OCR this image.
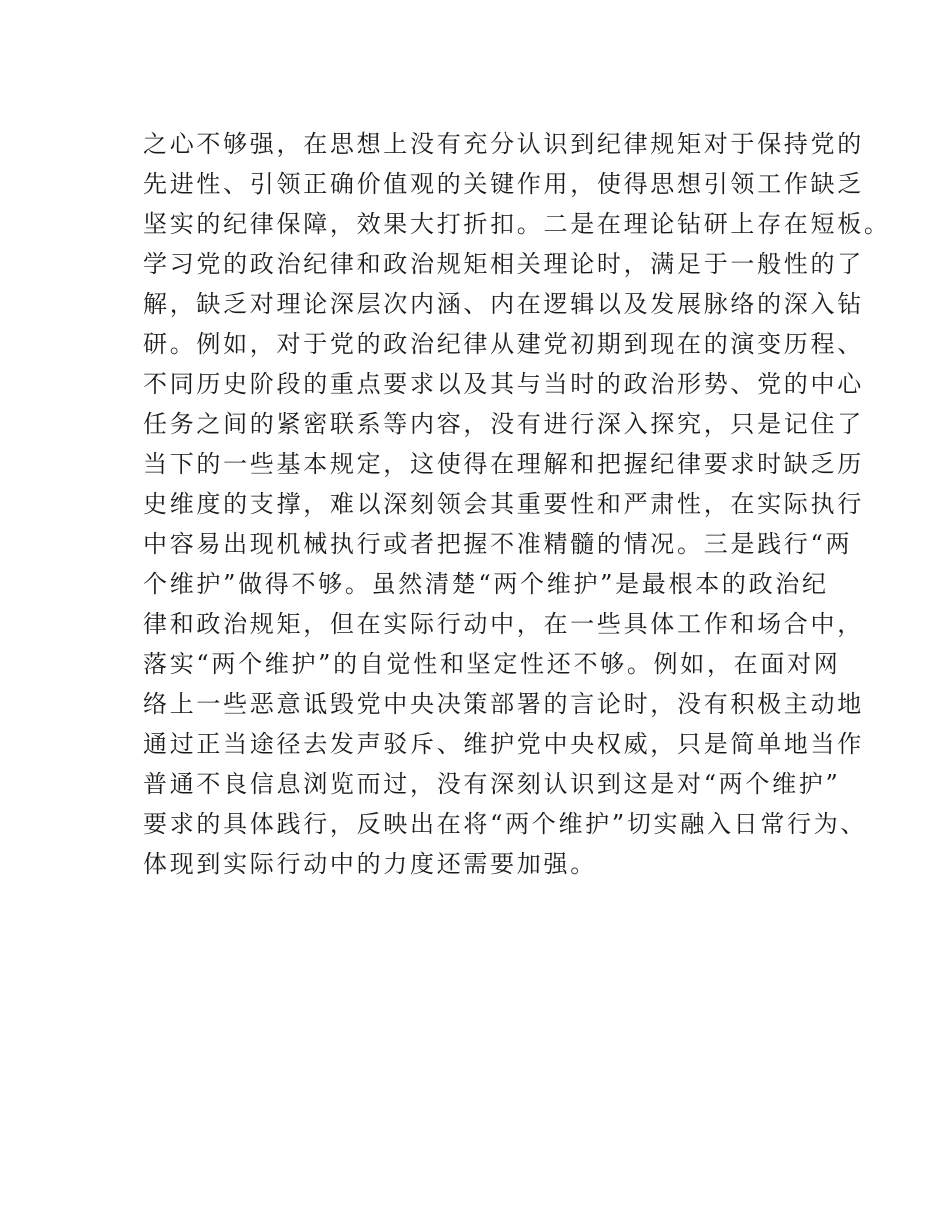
之心不够强，在思想上没有充分认识到纪律规矩对于保持党的
先进性、引领正确价值观的关键作用，使得思想引领工作缺乏
坚实的纪律保障，效果大打折扣。二是在理论钻研上存在短板。
学习党的政治纪律和政治规矩相关理论时，满足于一般性的了
解，缺乏对理论深层次内涵、内在逻辑以及发展脉络的深入钻
研。例如，对于党的政治纪律从建党初期到现在的演变历程、
不同历史阶段的重点要求以及其与当时的政治形势、党的中心
任务之间的紧密联系等内容，没有进行深入探究，只是记住了
当下的一些基本规定，这使得在理解和把握纪律要求时缺乏历
史维度的支撑，难以深刻领会其重要性和严肃性，在实际执行
中容易出现机械执行或者把握不准精髓的情况。三是践行“两
个维护”做得不够。虽然清楚“两个维护”是最根本的政治纪
律和政治规矩，但在实际行动中，在一些具体工作和场合中，
落实“两个维护”的自觉性和坚定性还不够。例如，在面对网
络上一些恶意诋毁党中央决策部署的言论时，没有积极主动地
通过正当途径去发声驳斥、维护党中央权威，只是简单地当作
普通不良信息浏览而过，没有深刻认识到这是对“两个维护”
要求的具体践行，反映出在将“两个维护”切实融入日常行为、
体现到实际行动中的力度还需要加强。
